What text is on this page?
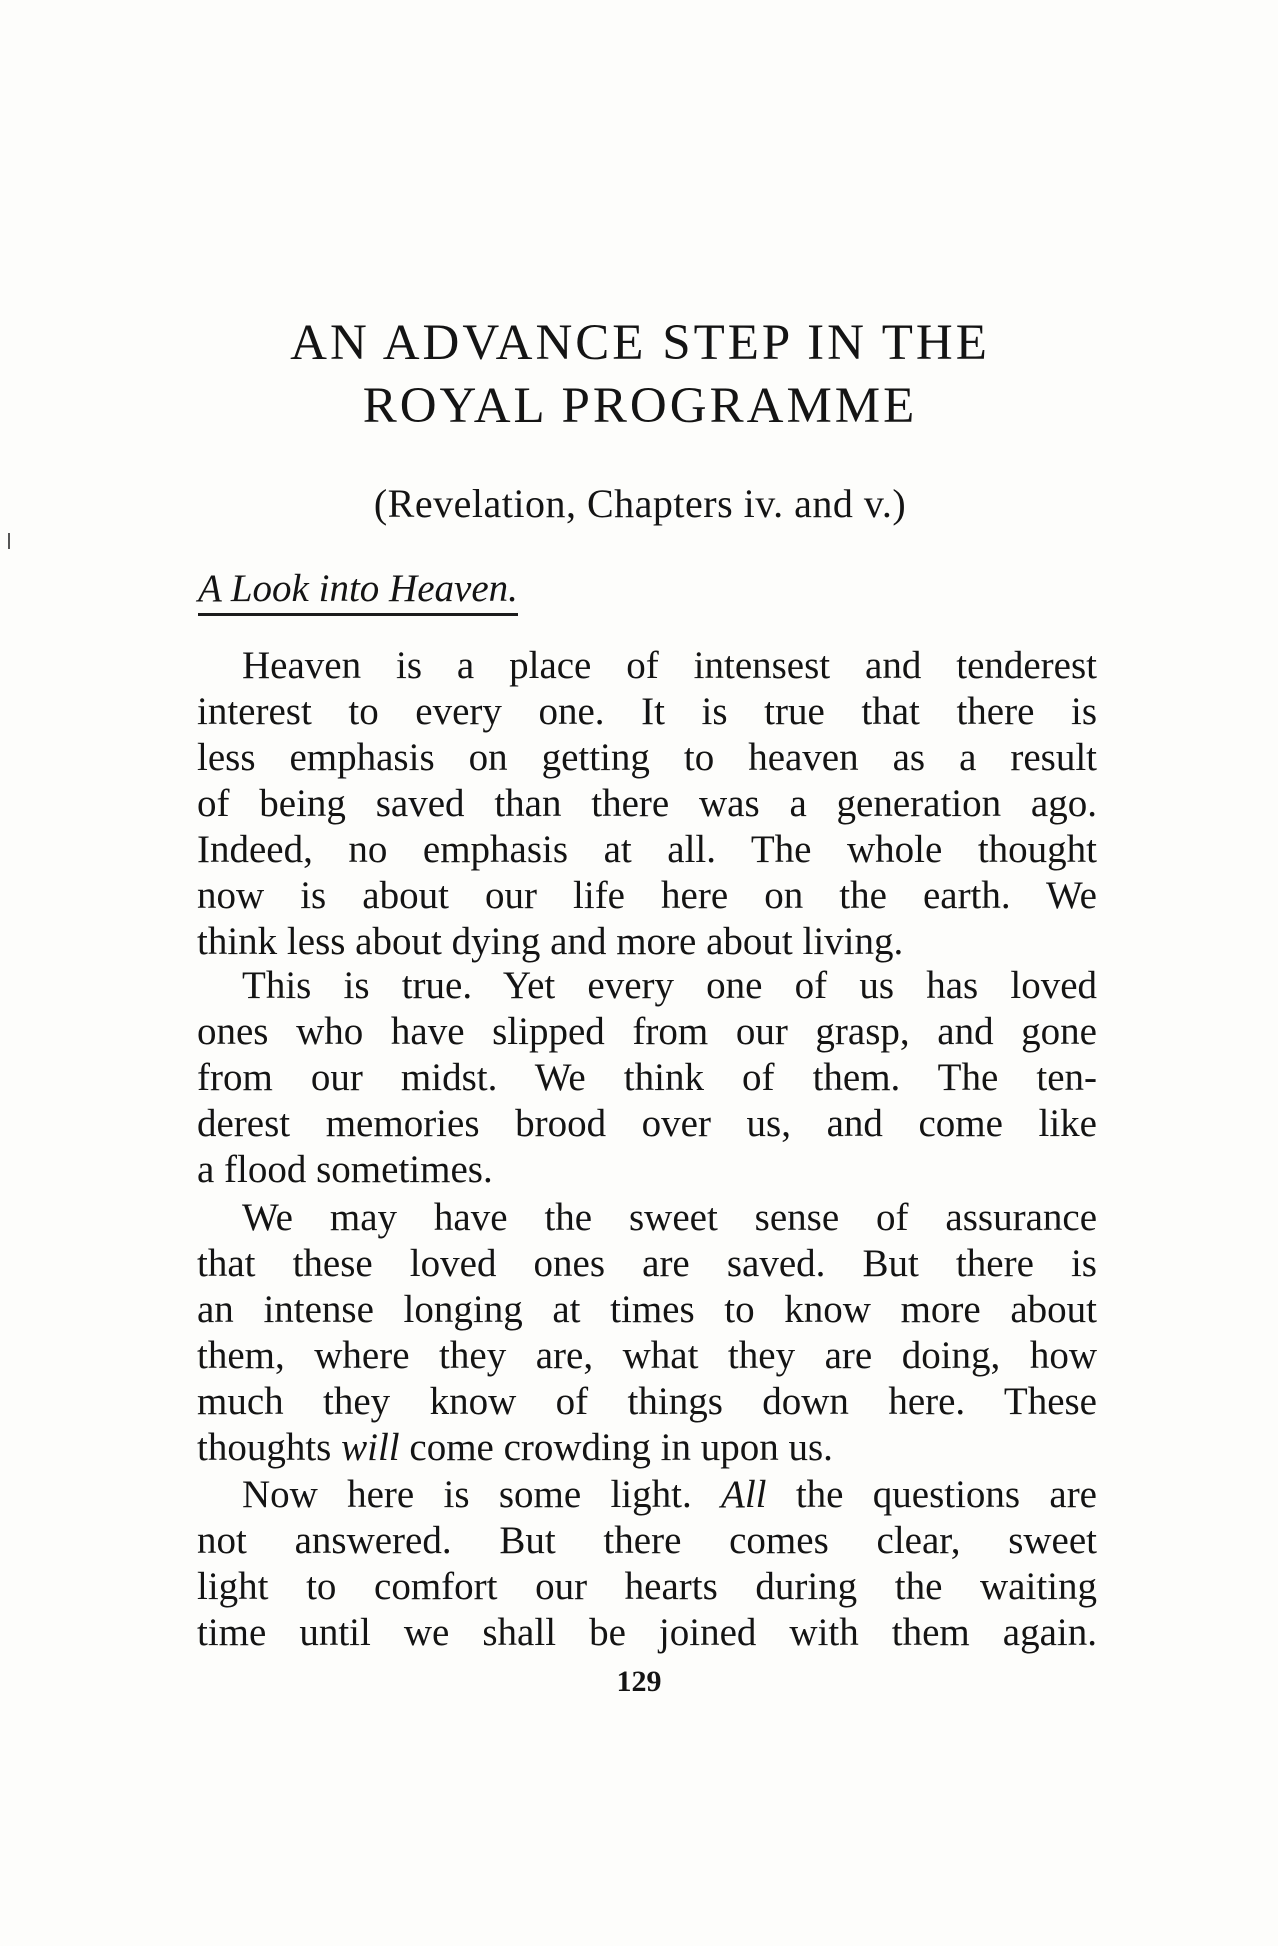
AN ADVANCE STEP IN THE
ROYAL PROGRAMME

(Revelation, Chapters iv. and v.)

A Look into Heaven.

Heaven is a place of intensest and tenderest
interest to every one. It is true that there is
less emphasis on getting to heaven as a result
of being saved than there was a generation ago.
Indeed, no emphasis at all. The whole thought
now is about our life here on the earth. We
think less about dying and more about living.
This is true. Yet every one of us has loved
ones who have slipped from our grasp, and gone
from our midst. We think of them. The ten-
derest memories brood over us, and come like
a flood sometimes.
We may have the sweet sense of assurance
that these loved ones are saved. But there is
an intense longing at times to know more about
them, where they are, what they are doing, how
much they know of things down here. These
thoughts will come crowding in upon us.
Now here is some light. All the questions are
not answered. But there comes clear, sweet
light to comfort our hearts during the waiting
time until we shall be joined with them again.

129
